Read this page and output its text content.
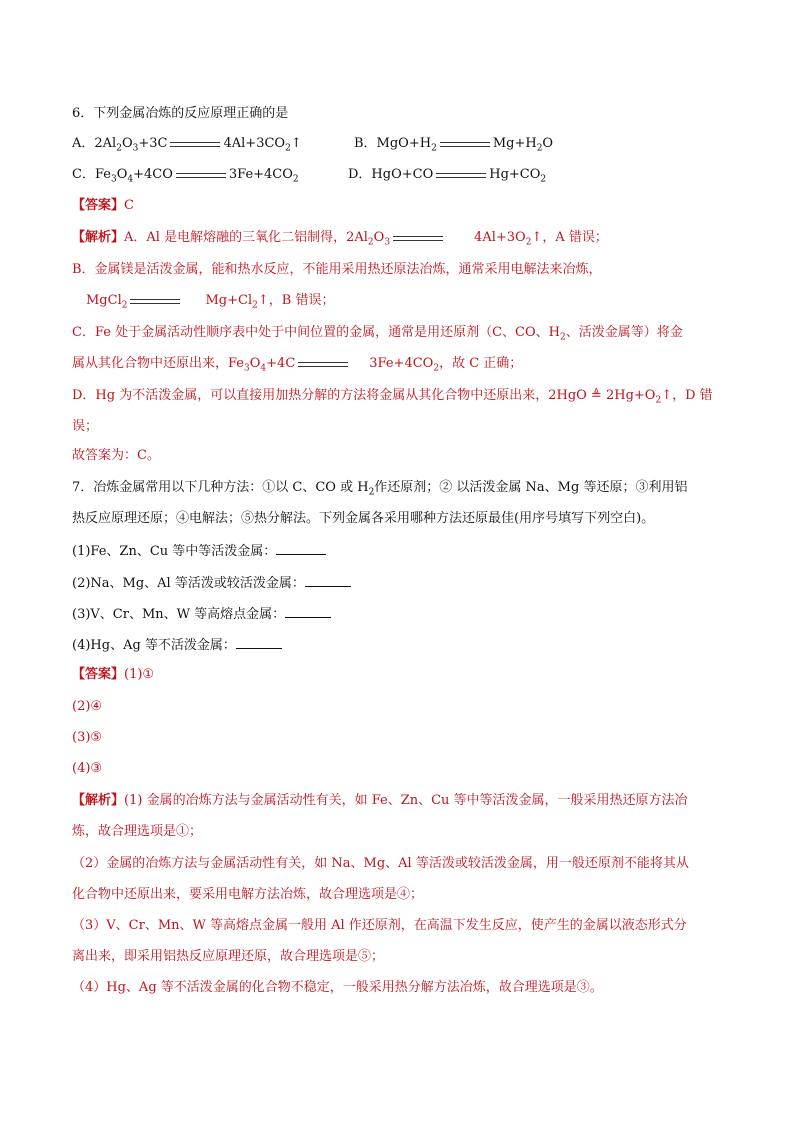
6．下列金属冶炼的反应原理正确的是
A．$2Al_2O_3+3C$	$4Al+3CO_2↑$	B．$MgO+H_2$	$Mg+H_2O$
C．$Fe_3O_4+4CO$	$3Fe+4CO_2$	D．HgO+CO	$Hg+CO_2$
【答案】C
【解析】A．Al 是电解熔融的三氧化二铝制得，$2Al_2O_3$	$4Al+3O_2↑$，A 错误；
B．金属镁是活泼金属，能和热水反应，不能用采用热还原法冶炼，通常采用电解法来冶炼，
MgCl$_2$	$Mg+Cl_2↑$，B 错误；
C．Fe 处于金属活动性顺序表中处于中间位置的金属，通常是用还原剂（C、CO、$H_2$、活泼金属等）将金
属从其化合物中还原出来，$Fe_3O_4+4C$	$3Fe+4CO_2$，故 C 正确；
D．Hg 为不活泼金属，可以直接用加热分解的方法将金属从其化合物中还原出来，2HgO ≜ $2Hg+O_2↑$，D 错
误；
故答案为：C。
7．冶炼金属常用以下几种方法：①以 C、CO 或 $H_2$作还原剂；② 以活泼金属 Na、Mg 等还原；③利用铝
热反应原理还原；④电解法；⑤热分解法。下列金属各采用哪种方法还原最佳(用序号填写下列空白)。
(1)Fe、Zn、Cu 等中等活泼金属：
(2)Na、Mg、Al 等活泼或较活泼金属：
(3)V、Cr、Mn、W 等高熔点金属：
(4)Hg、Ag 等不活泼金属：
【答案】(1)①
(2)④
(3)⑤
(4)③
【解析】(1) 金属的冶炼方法与金属活动性有关，如 Fe、Zn、Cu 等中等活泼金属，一般采用热还原方法冶
炼，故合理选项是①；
（2）金属的冶炼方法与金属活动性有关，如 Na、Mg、Al 等活泼或较活泼金属，用一般还原剂不能将其从
化合物中还原出来，要采用电解方法冶炼，故合理选项是④；
（3）V、Cr、Mn、W 等高熔点金属一般用 Al 作还原剂，在高温下发生反应，使产生的金属以液态形式分
离出来，即采用铝热反应原理还原，故合理选项是⑤；
（4）Hg、Ag 等不活泼金属的化合物不稳定，一般采用热分解方法冶炼，故合理选项是③。
